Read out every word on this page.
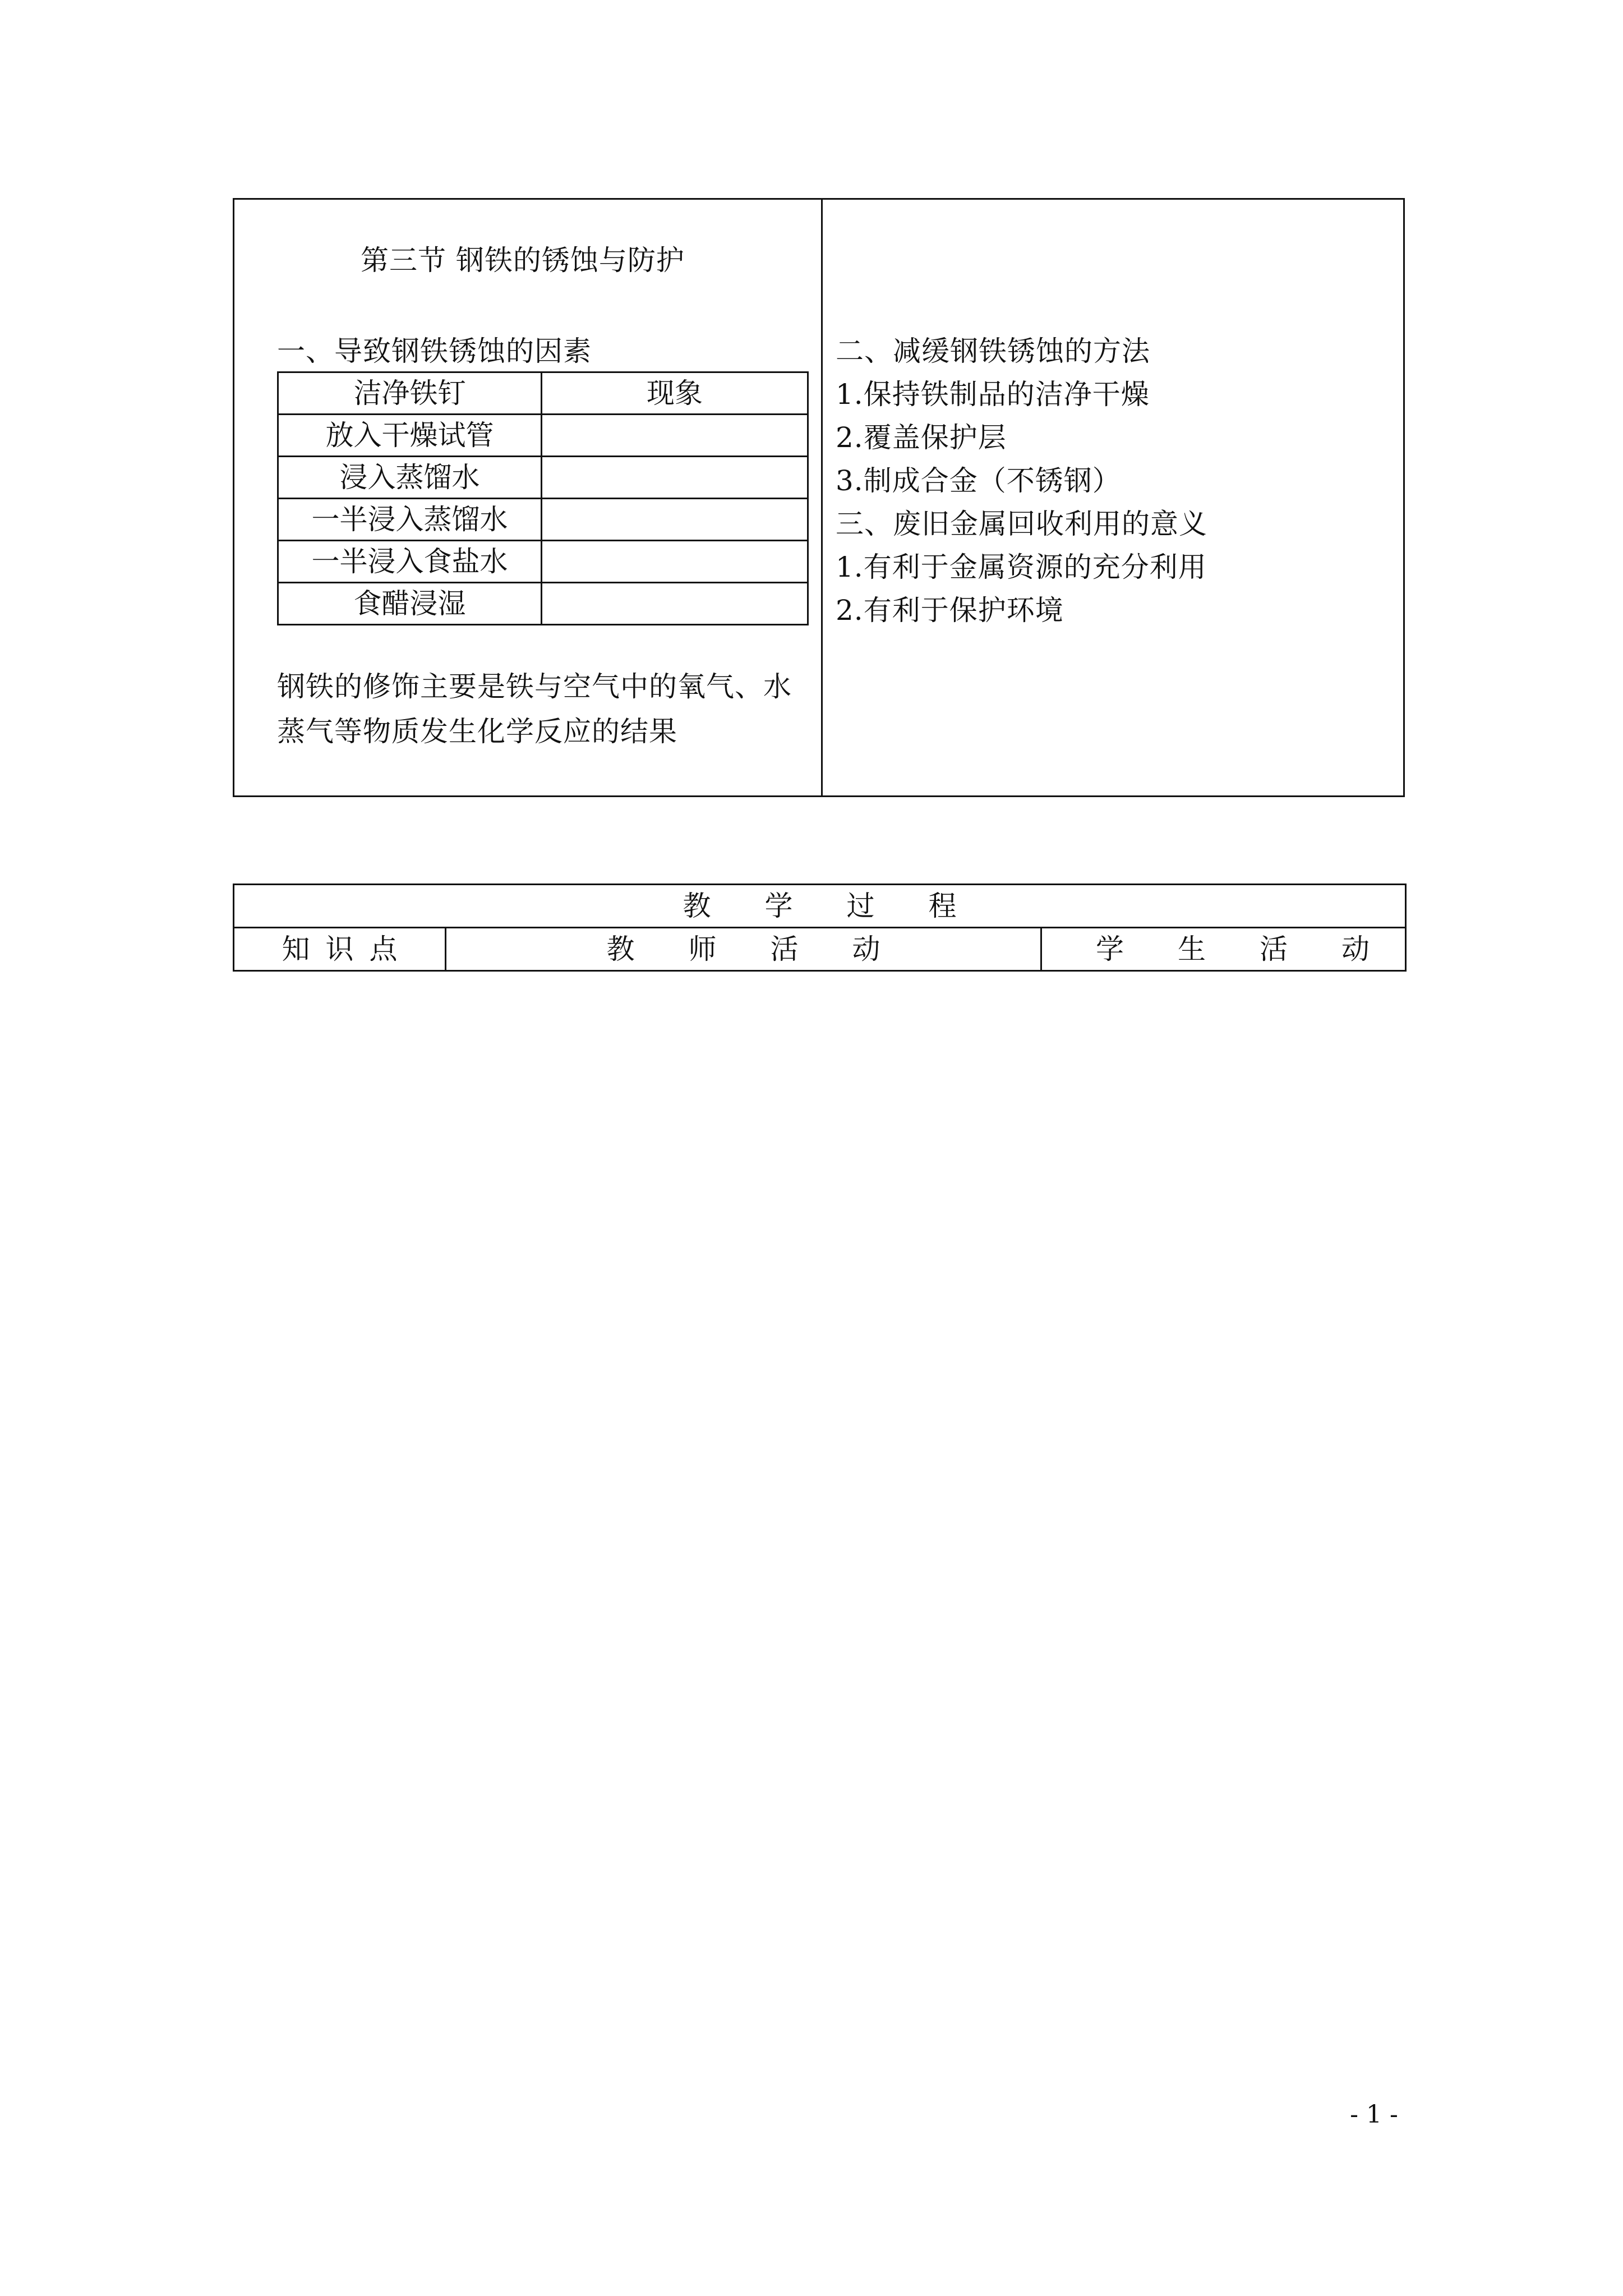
第三节 钢铁的锈蚀与防护
一、导致钢铁锈蚀的因素
洁净铁钉	现象
放入干燥试管	
浸入蒸馏水	
一半浸入蒸馏水	
一半浸入食盐水	
食醋浸湿	
钢铁的修饰主要是铁与空气中的氧气、水蒸气等物质发生化学反应的结果
二、减缓钢铁锈蚀的方法
1.保持铁制品的洁净干燥
2.覆盖保护层
3.制成合金（不锈钢）
三、废旧金属回收利用的意义
1.有利于金属资源的充分利用
2.有利于保护环境
教学过程
知识点	教师活动	学生活动
- 1 -
